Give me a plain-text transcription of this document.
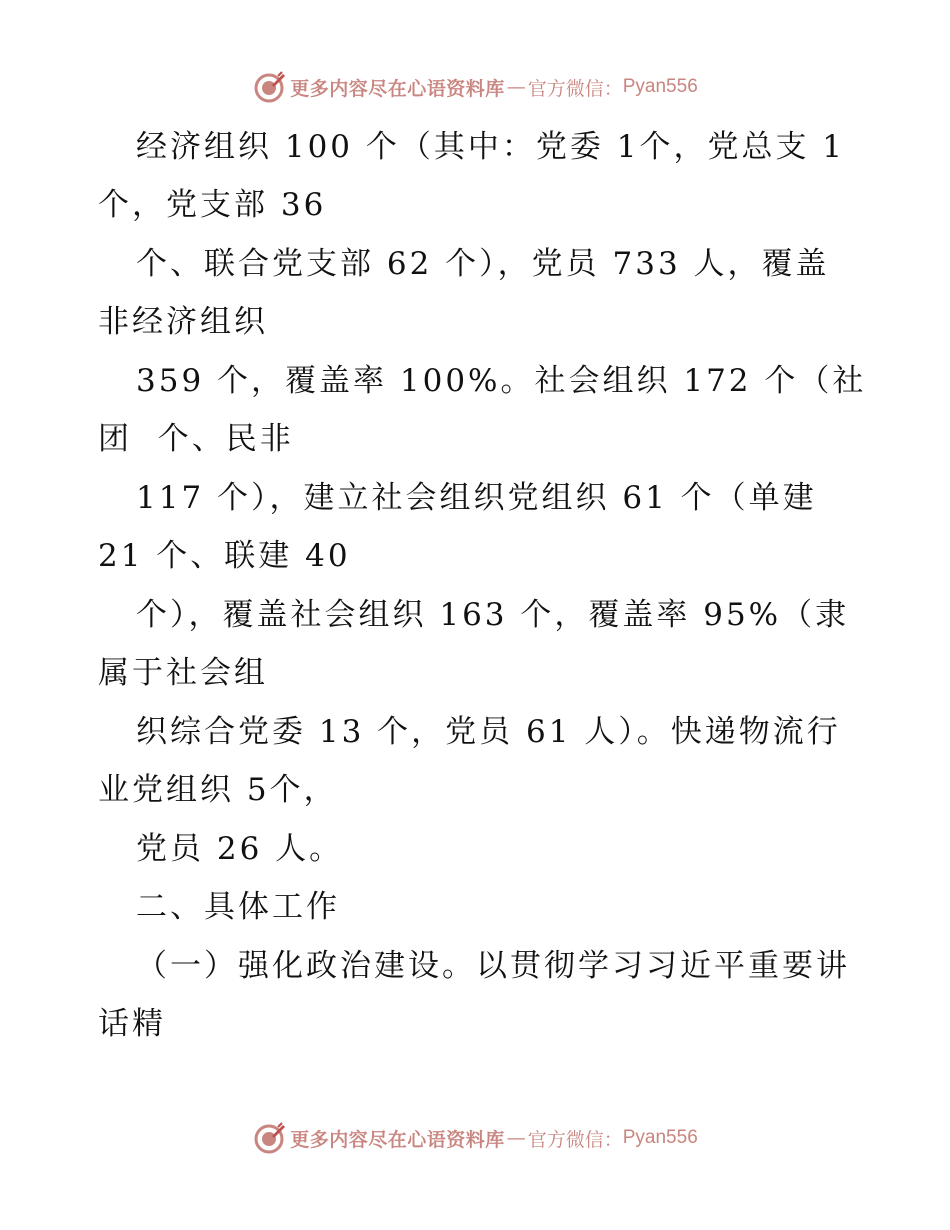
更多内容尽在心语资料库 — 官方微信： Pyan556
经济组织 100 个（其中：党委 1个，党总支 1
个，党支部 36
个、联合党支部 62 个），党员 733 人，覆盖
非经济组织
359 个，覆盖率 100%。社会组织 172 个（社
团  个、民非
117 个），建立社会组织党组织 61 个（单建
21 个、联建 40
个），覆盖社会组织 163 个，覆盖率 95%（隶
属于社会组
织综合党委 13 个，党员 61 人）。快递物流行
业党组织 5个，
党员 26 人。
二、具体工作
（一）强化政治建设。以贯彻学习习近平重要讲
话精
更多内容尽在心语资料库 — 官方微信： Pyan556
